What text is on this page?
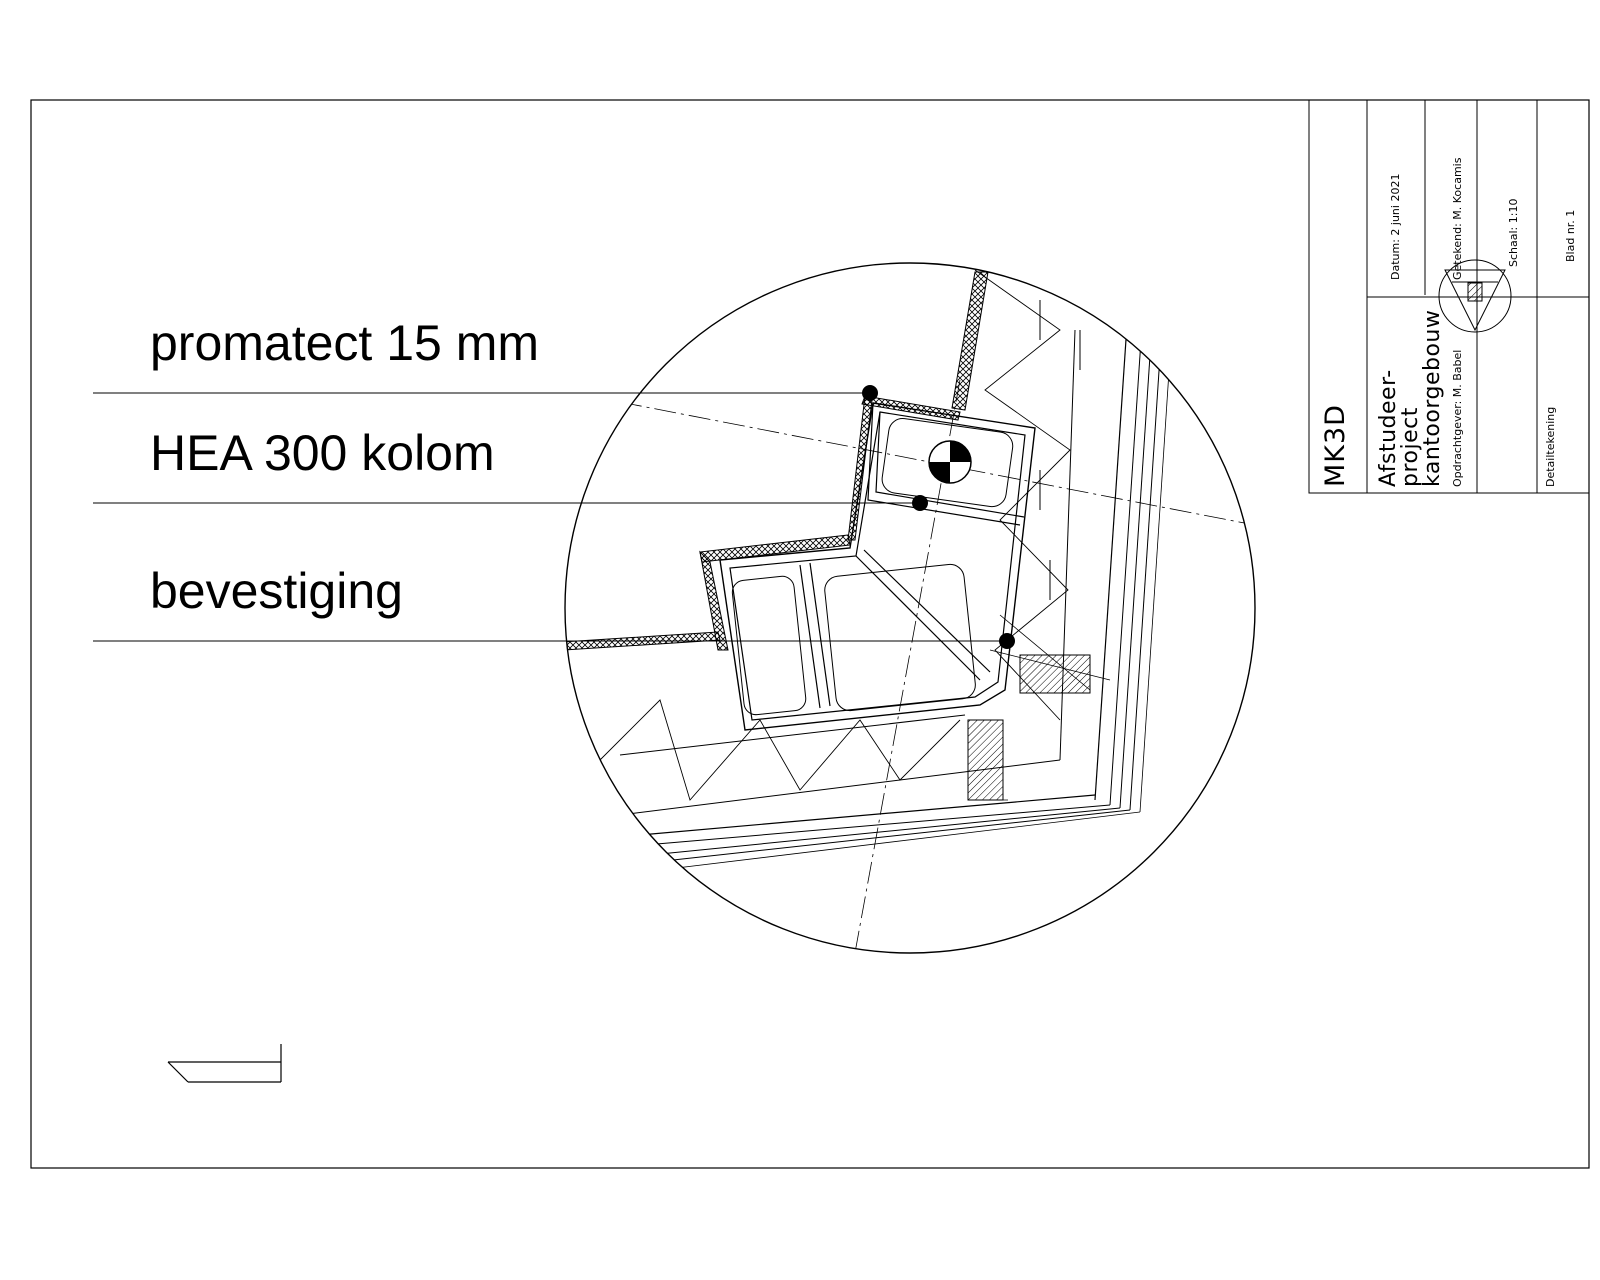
promatect 15 mm
HEA 300 kolom
bevestiging
MK3D Afstudeer-
project
kantoorgebouw
Datum: 2 juni 2021	Getekend: M. Kocamis
Opdrachtgever: M. Babel
Schaal: 1:10	Blad nr. 1
Detailtekening
